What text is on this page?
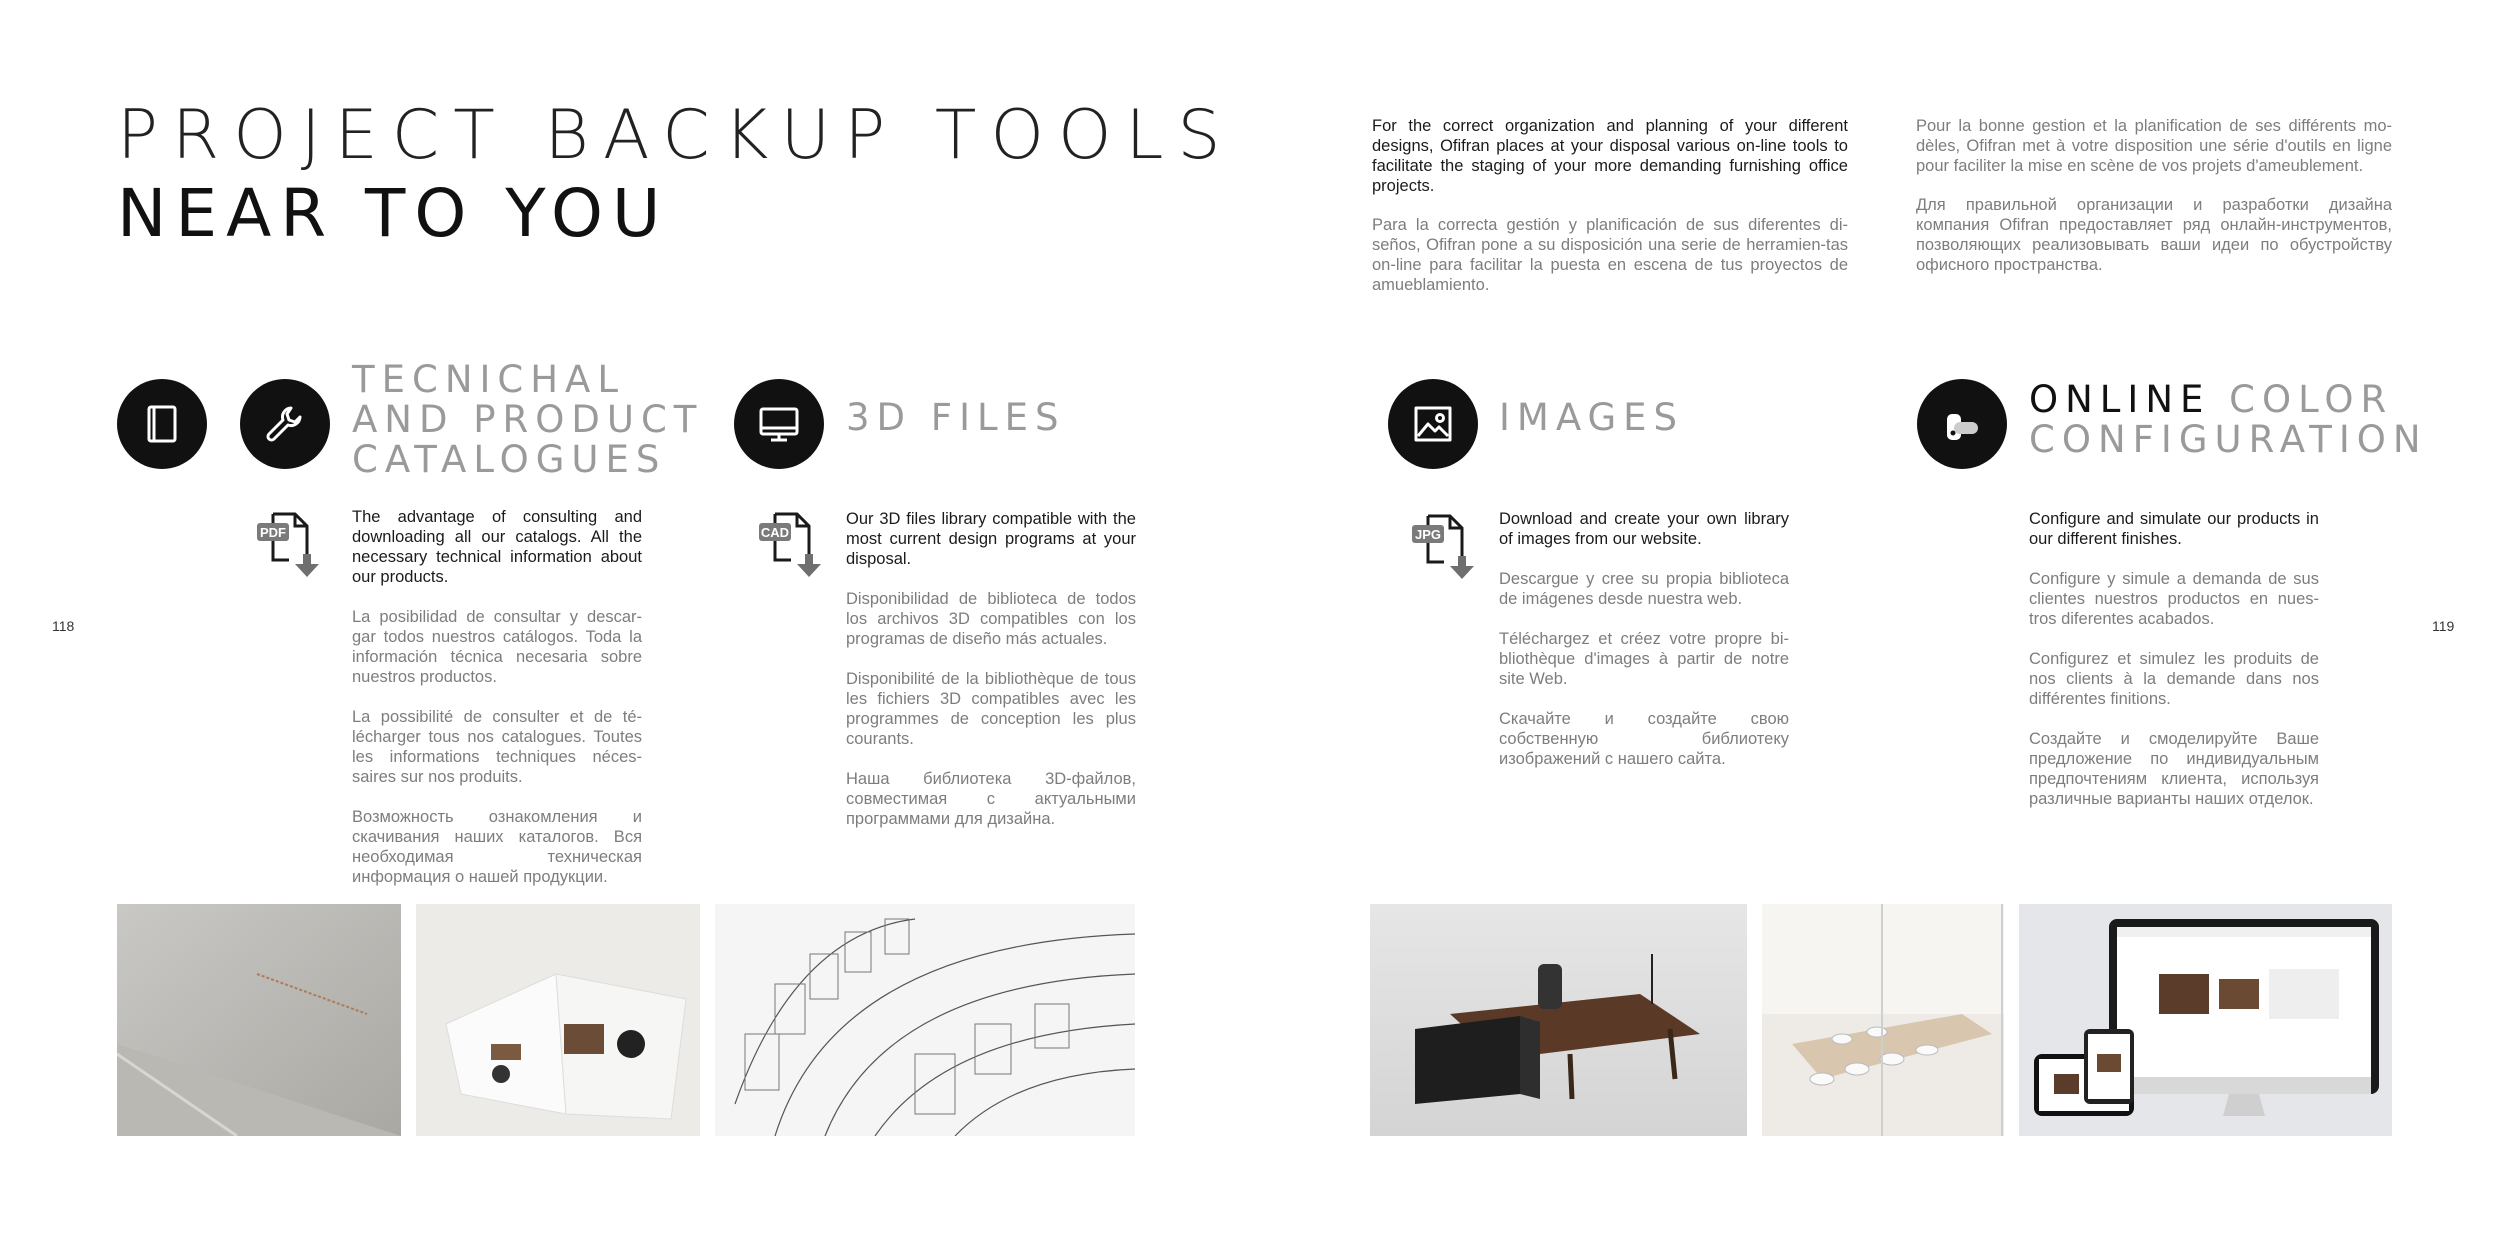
118	119
PROJECT BACKUP TOOLS
NEAR TO YOU

For the correct organization and planning of your different designs, Ofifran places at your disposal various on-line tools to facilitate the staging of your more demanding furnishing office projects.

Para la correcta gestión y planificación de sus diferentes di-seños, Ofifran pone a su disposición una serie de herramien-tas on-line para facilitar la puesta en escena de tus proyectos de amueblamiento.

Pour la bonne gestion et la planification de ses différents mo-dèles, Ofifran met à votre disposition une série d'outils en ligne pour faciliter la mise en scène de vos projets d'ameublement.

Для правильной организации и разработки дизайна компания Ofifran предоставляет ряд онлайн-инструментов, позволяющих реализовывать ваши идеи по обустройству офисного пространства.

TECNICHAL
AND PRODUCT
CATALOGUES
3D FILES	IMAGES	ONLINE COLOR
CONFIGURATION
PDF	CAD	JPG

The advantage of consulting and downloading all our catalogs. All the necessary technical information about our products.

La posibilidad de consultar y descar-gar todos nuestros catálogos. Toda la información técnica necesaria sobre nuestros productos.

La possibilité de consulter et de té-lécharger tous nos catalogues. Toutes les informations techniques néces-saires sur nos produits.

Возможность ознакомления и скачивания наших каталогов. Вся необходимая техническая информация о нашей продукции.

Our 3D files library compatible with the most current design programs at your disposal.

Disponibilidad de biblioteca de todos los archivos 3D compatibles con los programas de diseño más actuales.

Disponibilité de la bibliothèque de tous les fichiers 3D compatibles avec les programmes de conception les plus courants.

Наша библиотека 3D-файлов, совместимая с актуальными программами для дизайна.

Download and create your own library of images from our website.

Descargue y cree su propia biblioteca de imágenes desde nuestra web.

Téléchargez et créez votre propre bi-bliothèque d'images à partir de notre site Web.

Скачайте и создайте свою собственную библиотеку изображений с нашего сайта.

Configure and simulate our products in our different finishes.

Configure y simule a demanda de sus clientes nuestros productos en nues-tros diferentes acabados.

Configurez et simulez les produits de nos clients à la demande dans nos différentes finitions.

Создайте и смоделируйте Ваше предложение по индивидуальным предпочтениям клиента, используя различные варианты наших отделок.
